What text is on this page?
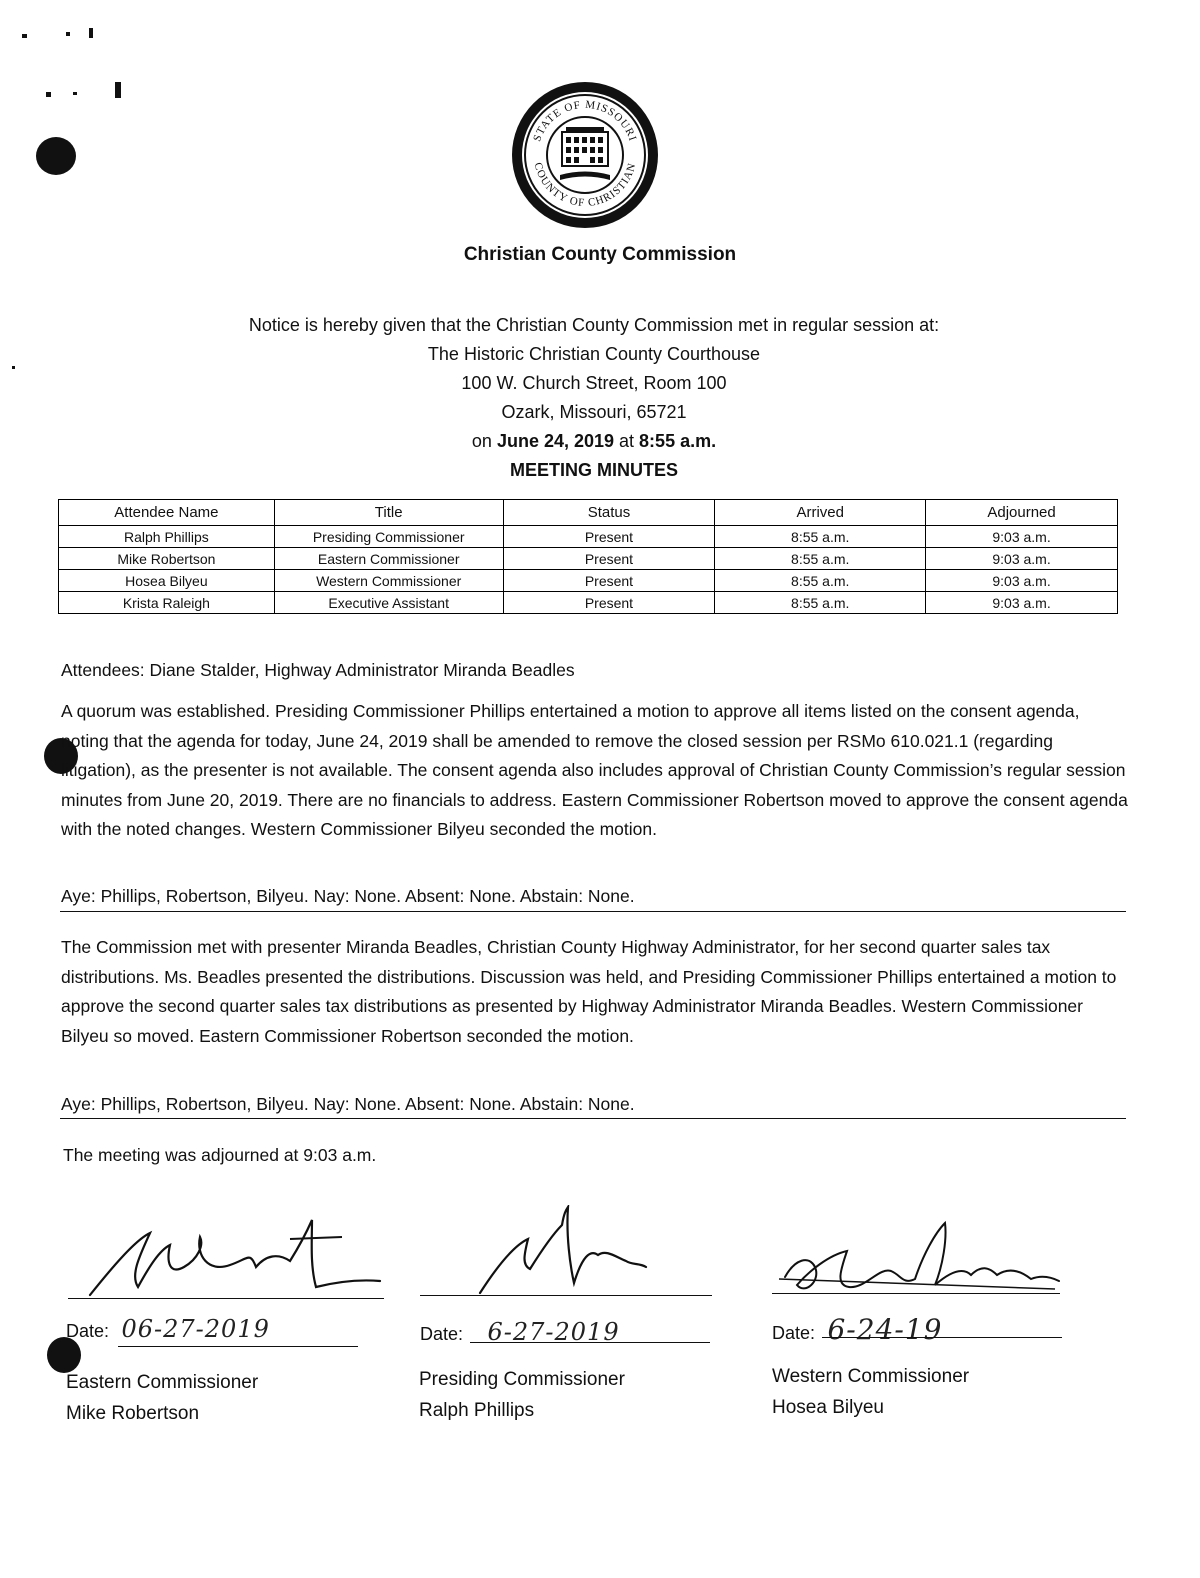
STATE OF MISSOURI
COUNTY OF CHRISTIAN
Christian County Commission
Notice is hereby given that the Christian County Commission met in regular session at:
The Historic Christian County Courthouse
100 W. Church Street, Room 100
Ozark, Missouri, 65721
on June 24, 2019 at 8:55 a.m.
MEETING MINUTES
Attendee Name	Title	Status	Arrived	Adjourned
Ralph Phillips	Presiding Commissioner	Present	8:55 a.m.	9:03 a.m.
Mike Robertson	Eastern Commissioner	Present	8:55 a.m.	9:03 a.m.
Hosea Bilyeu	Western Commissioner	Present	8:55 a.m.	9:03 a.m.
Krista Raleigh	Executive Assistant	Present	8:55 a.m.	9:03 a.m.
Attendees: Diane Stalder, Highway Administrator Miranda Beadles
A quorum was established. Presiding Commissioner Phillips entertained a motion to approve all items listed on the consent agenda, noting that the agenda for today, June 24, 2019 shall be amended to remove the closed session per RSMo 610.021.1 (regarding litigation), as the presenter is not available. The consent agenda also includes approval of Christian County Commission’s regular session minutes from June 20, 2019. There are no financials to address. Eastern Commissioner Robertson moved to approve the consent agenda with the noted changes. Western Commissioner Bilyeu seconded the motion.
Aye: Phillips, Robertson, Bilyeu. Nay: None. Absent: None. Abstain: None.
The Commission met with presenter Miranda Beadles, Christian County Highway Administrator, for her second quarter sales tax distributions. Ms. Beadles presented the distributions. Discussion was held, and Presiding Commissioner Phillips entertained a motion to approve the second quarter sales tax distributions as presented by Highway Administrator Miranda Beadles. Western Commissioner Bilyeu so moved. Eastern Commissioner Robertson seconded the motion.
Aye: Phillips, Robertson, Bilyeu. Nay: None. Absent: None. Abstain: None.
The meeting was adjourned at 9:03 a.m.
Date: 06-27-2019
Eastern Commissioner
Mike Robertson
Date: 6-27-2019
Presiding Commissioner
Ralph Phillips
Date: 6-24-19
Western Commissioner
Hosea Bilyeu
